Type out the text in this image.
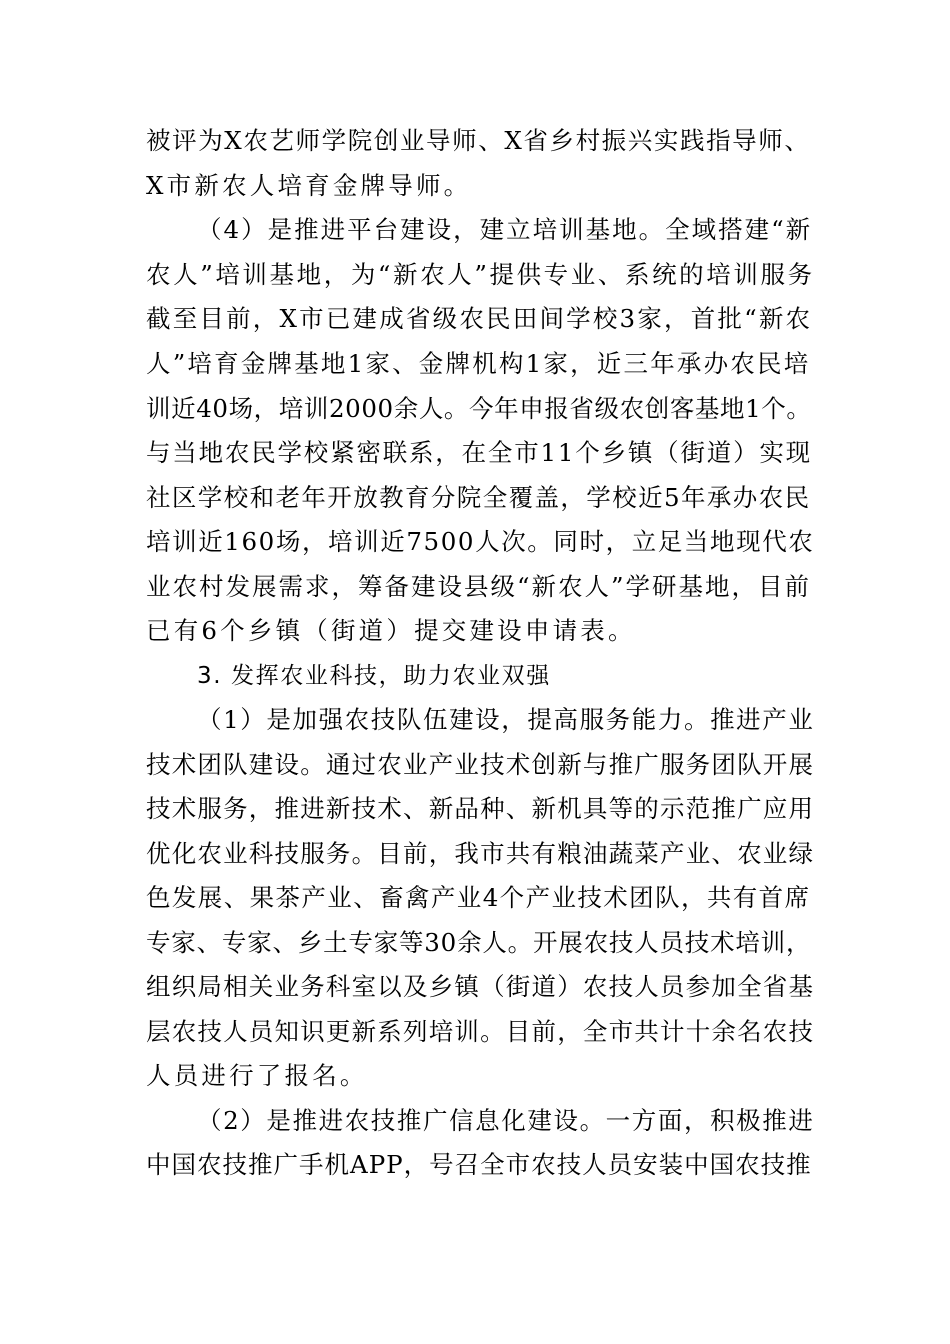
被评为X农艺师学院创业导师、X省乡村振兴实践指导师、
X市新农人培育金牌导师。
（4）是推进平台建设，建立培训基地。全域搭建“新
农人”培训基地，为“新农人”提供专业、系统的培训服务
截至目前，X市已建成省级农民田间学校3家，首批“新农
人”培育金牌基地1家、金牌机构1家，近三年承办农民培
训近40场，培训2000余人。今年申报省级农创客基地1个。
与当地农民学校紧密联系，在全市11个乡镇（街道）实现
社区学校和老年开放教育分院全覆盖，学校近5年承办农民
培训近160场，培训近7500人次。同时，立足当地现代农
业农村发展需求，筹备建设县级“新农人”学研基地，目前
已有6个乡镇（街道）提交建设申请表。
3. 发挥农业科技，助力农业双强
（1）是加强农技队伍建设，提高服务能力。推进产业
技术团队建设。通过农业产业技术创新与推广服务团队开展
技术服务，推进新技术、新品种、新机具等的示范推广应用
优化农业科技服务。目前，我市共有粮油蔬菜产业、农业绿
色发展、果茶产业、畜禽产业4个产业技术团队，共有首席
专家、专家、乡土专家等30余人。开展农技人员技术培训，
组织局相关业务科室以及乡镇（街道）农技人员参加全省基
层农技人员知识更新系列培训。目前，全市共计十余名农技
人员进行了报名。
（2）是推进农技推广信息化建设。一方面，积极推进
中国农技推广手机APP，号召全市农技人员安装中国农技推
